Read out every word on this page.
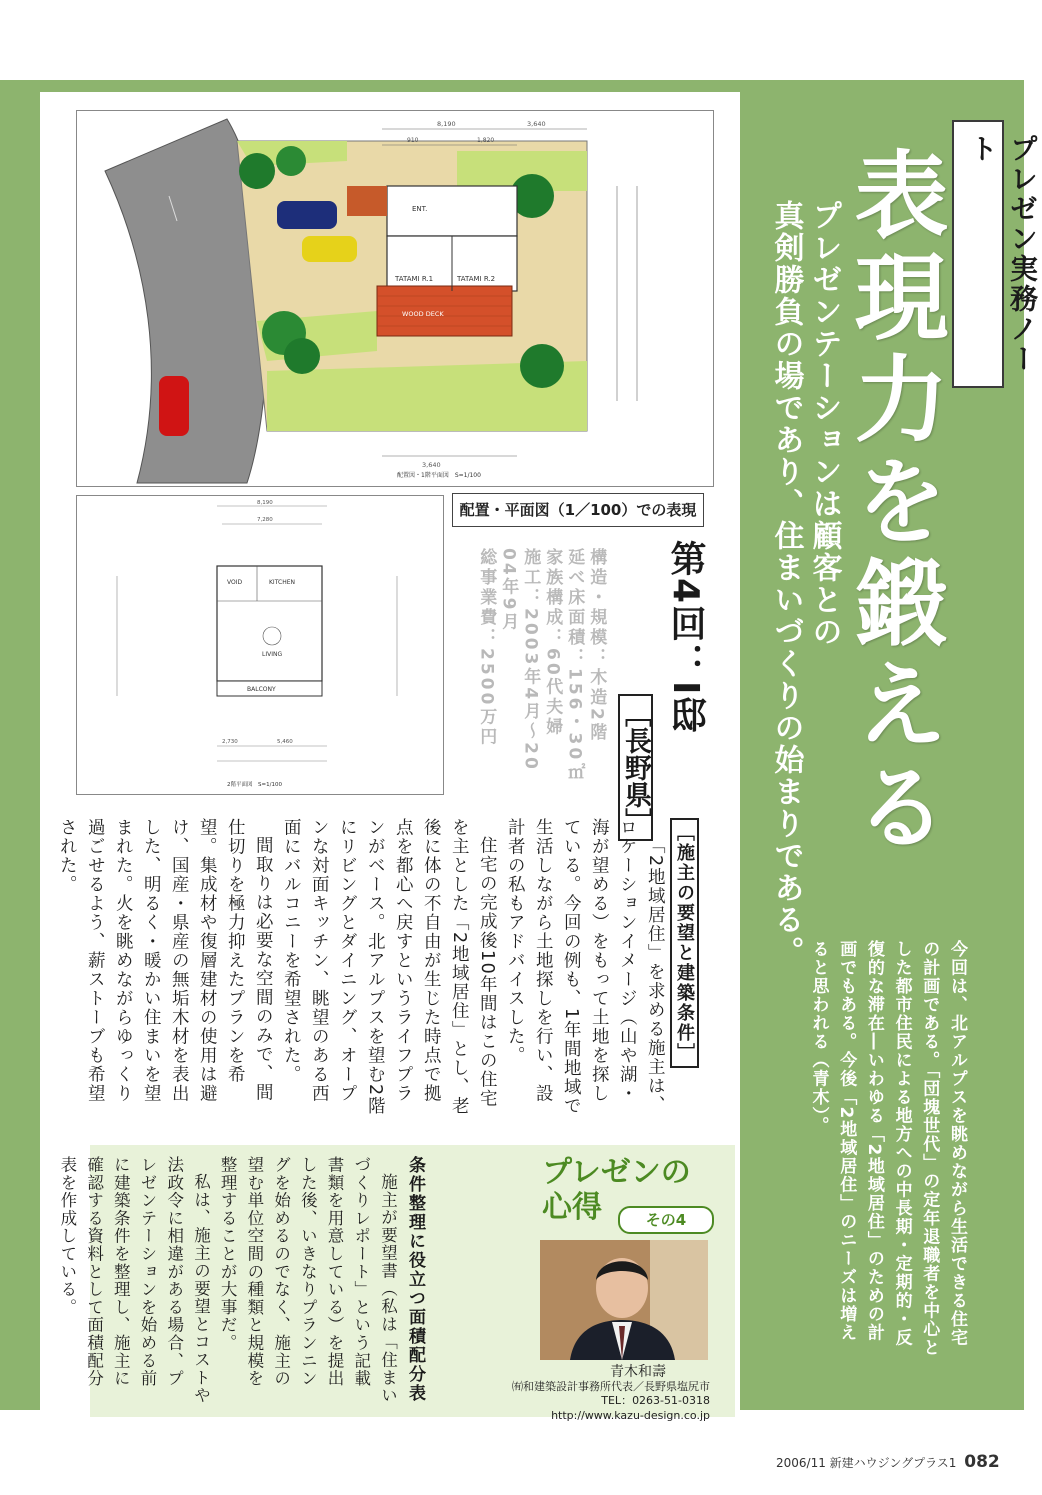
ENT.
TATAMI R.1	TATAMI R.2
WOOD DECK
8,190	3,640
910	1,820
3,640
配置図・1階平面図　S=1/100
VOID	KITCHEN
LIVING
BALCONY
8,190
7,280
2,730	5,460
2階平面図　S=1/100
配置・平面図（1／100）での表現
プレゼン実務ノート
表現力を鍛える
プレゼンテーションは顧客との
真剣勝負の場であり、住まいづくりの始まりである。
第4回：I邸
［長野県］
構造・規模：木造2階
延べ床面積：156・30㎡
家族構成：60代夫婦
施工：2003年4月〜20
04年9月
総事業費：2500万円
［施主の要望と建築条件］

「2地域居住」を求める施主は、ロケーションイメージ（山や湖・海が望める）をもって土地を探している。今回の例も、1年間地域で生活しながら土地探しを行い、設計者の私もアドバイスした。

住宅の完成後10年間はこの住宅を主とした「2地域居住」とし、老後に体の不自由が生じた時点で拠点を都心へ戻すというライフプランがベース。北アルプスを望む2階にリビングとダイニング、オープンな対面キッチン、眺望のある西面にバルコニーを希望された。

間取りは必要な空間のみで、間仕切りを極力抑えたプランを希望。集成材や復層建材の使用は避け、国産・県産の無垢木材を表出した、明るく・暖かい住まいを望まれた。火を眺めながらゆっくり過ごせるよう、薪ストーブも希望された。

今回は、北アルプスを眺めながら生活できる住宅の計画である。「団塊世代」の定年退職者を中心とした都市住民による地方への中長期・定期的・反復的な滞在―いわゆる「2地域居住」のための計画でもある。今後「2地域居住」のニーズは増えると思われる（青木）。
プレゼンの
心得	その4
青木和壽
㈲和建築設計事務所代表／長野県塩尻市
TEL：0263-51-0318
http://www.kazu-design.co.jp
条件整理に役立つ面積配分表

施主が要望書（私は「住まいづくりレポート」という記載書類を用意している）を提出した後、いきなりプランニングを始めるのでなく、施主の望む単位空間の種類と規模を整理することが大事だ。

私は、施主の要望とコストや法政令に相違がある場合、プレゼンテーションを始める前に建築条件を整理し、施主に確認する資料として面積配分表を作成している。

2006/11 新建ハウジングプラス1 082
